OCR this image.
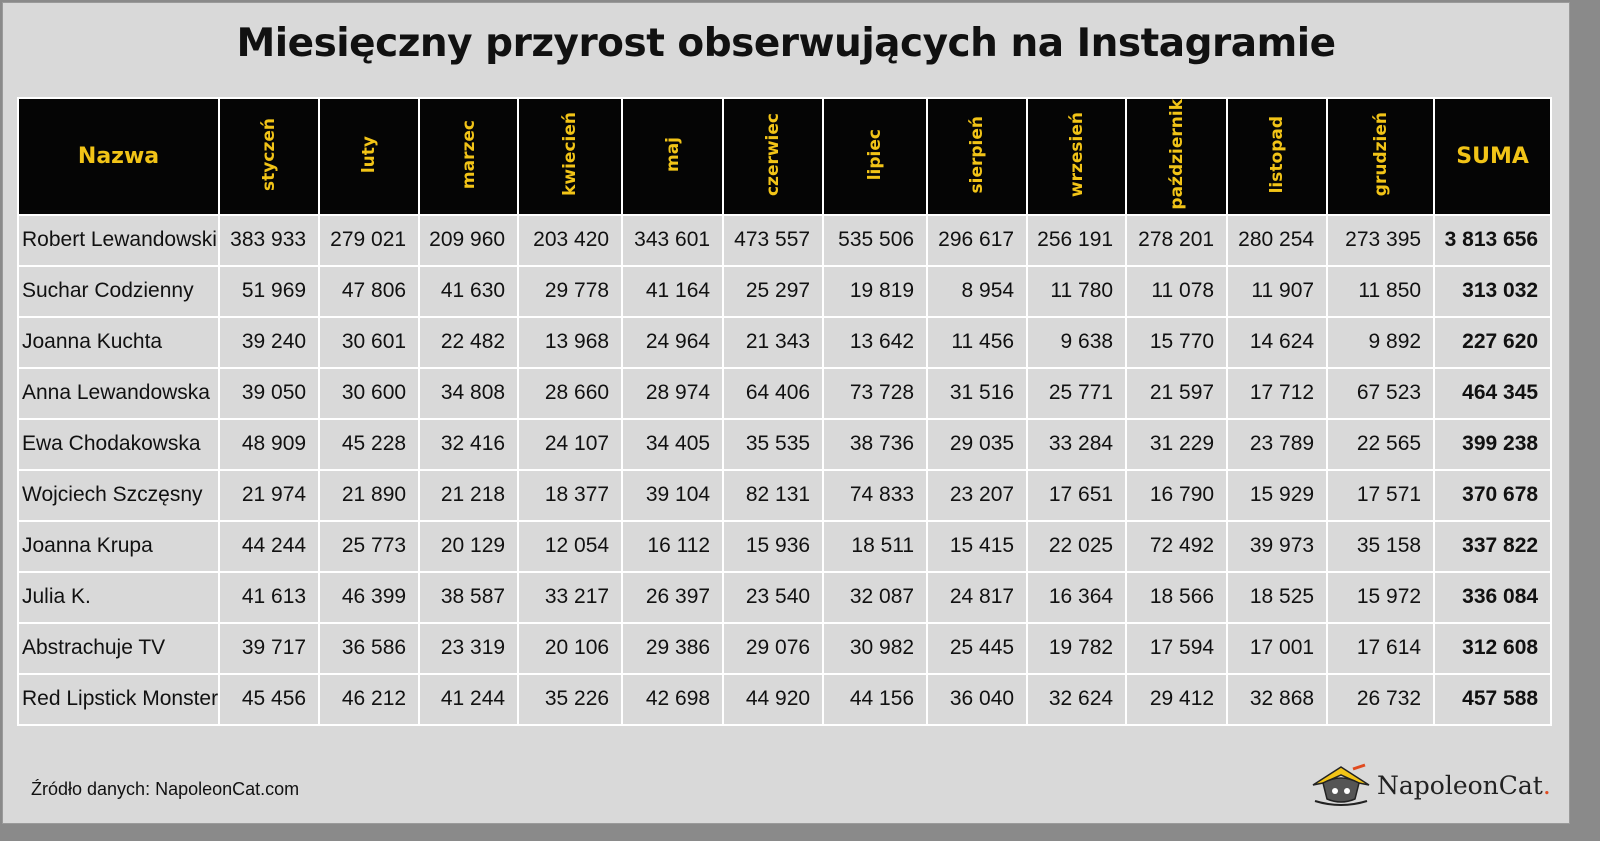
Miesięczny przyrost obserwujących na Instagramie
Nazwa	styczeń	luty	marzec	kwiecień	maj	czerwiec	lipiec	sierpień	wrzesień	październik	listopad	grudzień	SUMA
Robert Lewandowski	383 933	279 021	209 960	203 420	343 601	473 557	535 506	296 617	256 191	278 201	280 254	273 395	3 813 656
Suchar Codzienny	51 969	47 806	41 630	29 778	41 164	25 297	19 819	8 954	11 780	11 078	11 907	11 850	313 032
Joanna Kuchta	39 240	30 601	22 482	13 968	24 964	21 343	13 642	11 456	9 638	15 770	14 624	9 892	227 620
Anna Lewandowska	39 050	30 600	34 808	28 660	28 974	64 406	73 728	31 516	25 771	21 597	17 712	67 523	464 345
Ewa Chodakowska	48 909	45 228	32 416	24 107	34 405	35 535	38 736	29 035	33 284	31 229	23 789	22 565	399 238
Wojciech Szczęsny	21 974	21 890	21 218	18 377	39 104	82 131	74 833	23 207	17 651	16 790	15 929	17 571	370 678
Joanna Krupa	44 244	25 773	20 129	12 054	16 112	15 936	18 511	15 415	22 025	72 492	39 973	35 158	337 822
Julia K.	41 613	46 399	38 587	33 217	26 397	23 540	32 087	24 817	16 364	18 566	18 525	15 972	336 084
Abstrachuje TV	39 717	36 586	23 319	20 106	29 386	29 076	30 982	25 445	19 782	17 594	17 001	17 614	312 608
Red Lipstick Monster	45 456	46 212	41 244	35 226	42 698	44 920	44 156	36 040	32 624	29 412	32 868	26 732	457 588
Źródło danych: NapoleonCat.com	NapoleonCat.
